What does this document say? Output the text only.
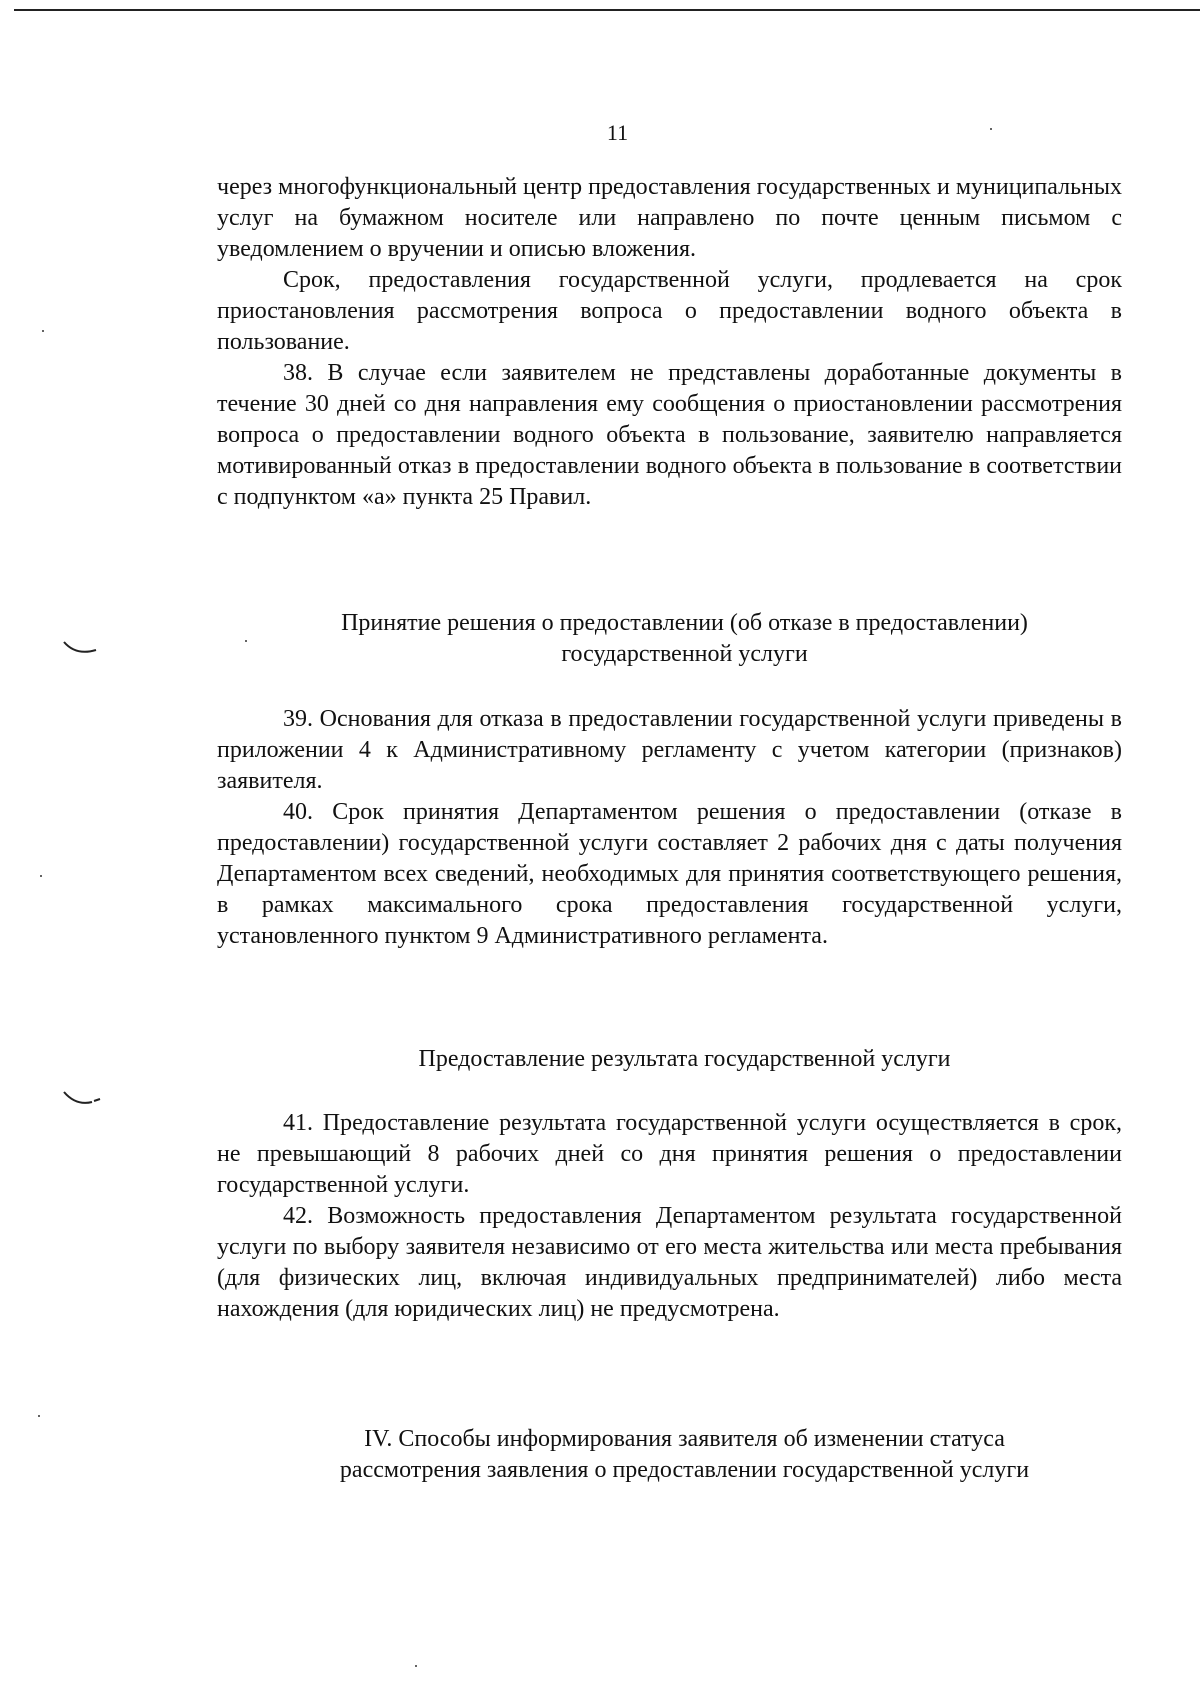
11

через многофункциональный центр предоставления государственных и муниципальных услуг на бумажном носителе или направлено по почте ценным письмом с уведомлением о вручении и описью вложения.

Срок, предоставления государственной услуги, продлевается на срок приостановления рассмотрения вопроса о предоставлении водного объекта в пользование.

38. В случае если заявителем не представлены доработанные документы в течение 30 дней со дня направления ему сообщения о приостановлении рассмотрения вопроса о предоставлении водного объекта в пользование, заявителю направляется мотивированный отказ в предоставлении водного объекта в пользование в соответствии с подпунктом «а» пункта 25 Правил.

Принятие решения о предоставлении (об отказе в предоставлении)
государственной услуги

39. Основания для отказа в предоставлении государственной услуги приведены в приложении 4 к Административному регламенту с учетом категории (признаков) заявителя.

40. Срок принятия Департаментом решения о предоставлении (отказе в предоставлении) государственной услуги составляет 2 рабочих дня с даты получения Департаментом всех сведений, необходимых для принятия соответствующего решения, в рамках максимального срока предоставления государственной услуги, установленного пунктом 9 Административного регламента.

Предоставление результата государственной услуги

41. Предоставление результата государственной услуги осуществляется в срок, не превышающий 8 рабочих дней со дня принятия решения о предоставлении государственной услуги.

42. Возможность предоставления Департаментом результата государственной услуги по выбору заявителя независимо от его места жительства или места пребывания (для физических лиц, включая индивидуальных предпринимателей) либо места нахождения (для юридических лиц) не предусмотрена.

IV. Способы информирования заявителя об изменении статуса
рассмотрения заявления о предоставлении государственной услуги
